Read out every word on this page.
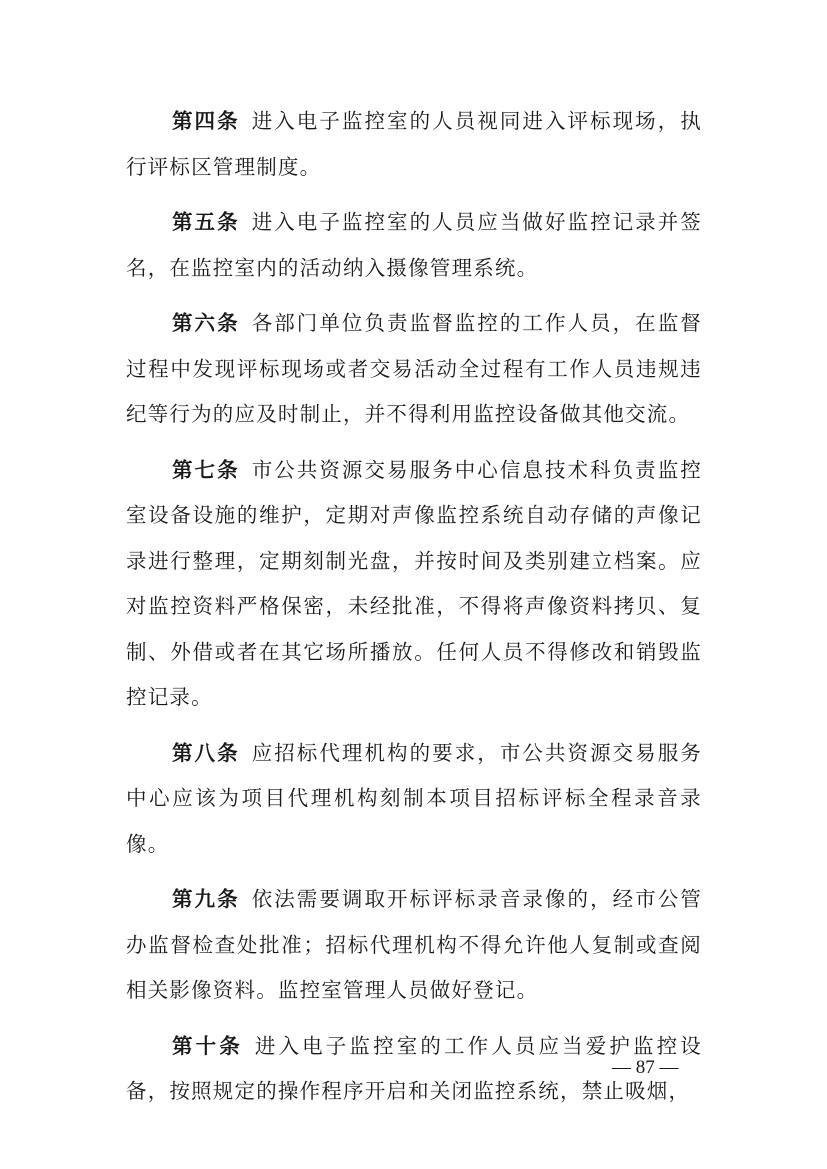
第四条 进入电子监控室的人员视同进入评标现场，执行评标区管理制度。

第五条 进入电子监控室的人员应当做好监控记录并签名，在监控室内的活动纳入摄像管理系统。

第六条 各部门单位负责监督监控的工作人员，在监督过程中发现评标现场或者交易活动全过程有工作人员违规违纪等行为的应及时制止，并不得利用监控设备做其他交流。

第七条 市公共资源交易服务中心信息技术科负责监控室设备设施的维护，定期对声像监控系统自动存储的声像记录进行整理，定期刻制光盘，并按时间及类别建立档案。应对监控资料严格保密，未经批准，不得将声像资料拷贝、复制、外借或者在其它场所播放。任何人员不得修改和销毁监控记录。

第八条 应招标代理机构的要求，市公共资源交易服务中心应该为项目代理机构刻制本项目招标评标全程录音录像。

第九条 依法需要调取开标评标录音录像的，经市公管办监督检查处批准；招标代理机构不得允许他人复制或查阅相关影像资料。监控室管理人员做好登记。

第十条 进入电子监控室的工作人员应当爱护监控设备，按照规定的操作程序开启和关闭监控系统，禁止吸烟，

— 87 —
